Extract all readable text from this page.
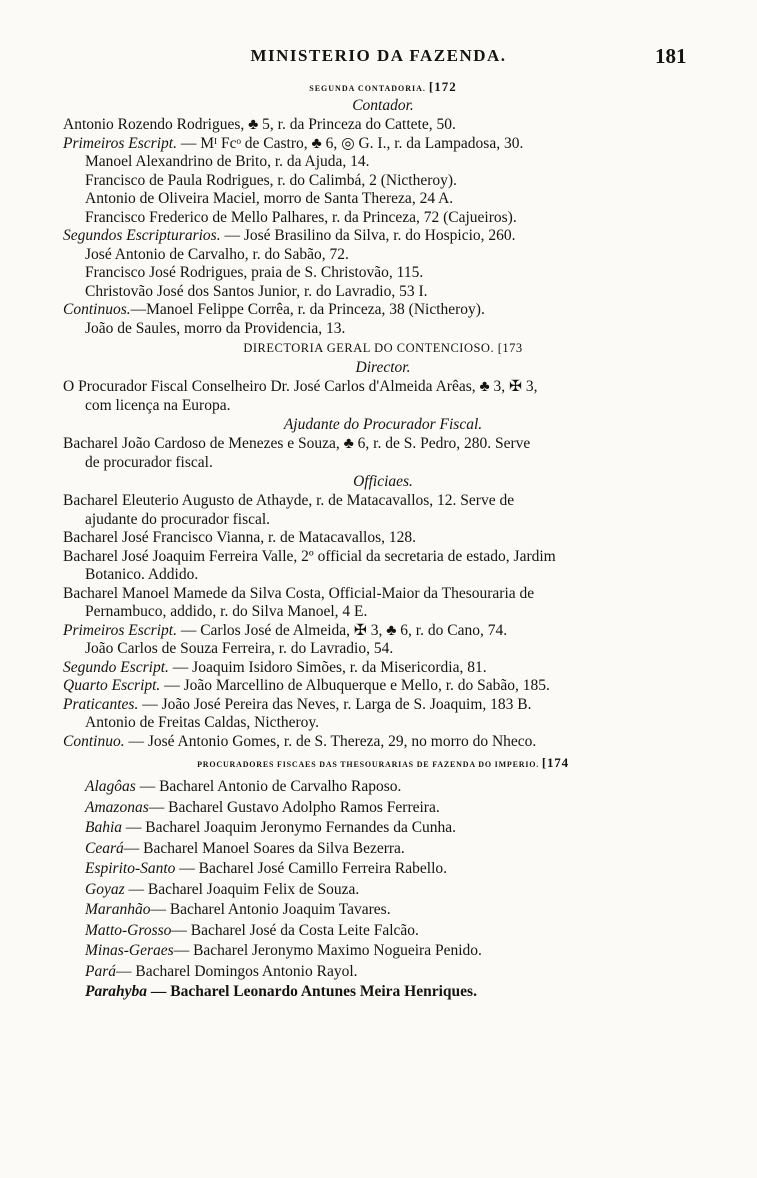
MINISTERIO DA FAZENDA.	181
SEGUNDA CONTADORIA. [172
Contador.
Antonio Rozendo Rodrigues, ♣ 5, r. da Princeza do Cattete, 50.
Primeiros Escript. — Mᴵ Fcᵒ de Castro, ♣ 6, ◎ G. I., r. da Lampadosa, 30.
Manoel Alexandrino de Brito, r. da Ajuda, 14.
Francisco de Paula Rodrigues, r. do Calimbá, 2 (Nictheroy).
Antonio de Oliveira Maciel, morro de Santa Thereza, 24 A.
Francisco Frederico de Mello Palhares, r. da Princeza, 72 (Cajueiros).
Segundos Escripturarios. — José Brasilino da Silva, r. do Hospicio, 260.
José Antonio de Carvalho, r. do Sabão, 72.
Francisco José Rodrigues, praia de S. Christovão, 115.
Christovão José dos Santos Junior, r. do Lavradio, 53 I.
Continuos.—Manoel Felippe Corrêa, r. da Princeza, 38 (Nictheroy).
João de Saules, morro da Providencia, 13.
DIRECTORIA GERAL DO CONTENCIOSO. [173
Director.
O Procurador Fiscal Conselheiro Dr. José Carlos d'Almeida Arêas, ♣ 3, ✠ 3,
com licença na Europa.
Ajudante do Procurador Fiscal.
Bacharel João Cardoso de Menezes e Souza, ♣ 6, r. de S. Pedro, 280. Serve
de procurador fiscal.
Officiaes.
Bacharel Eleuterio Augusto de Athayde, r. de Matacavallos, 12. Serve de
ajudante do procurador fiscal.
Bacharel José Francisco Vianna, r. de Matacavallos, 128.
Bacharel José Joaquim Ferreira Valle, 2º official da secretaria de estado, Jardim
Botanico. Addido.
Bacharel Manoel Mamede da Silva Costa, Official-Maior da Thesouraria de
Pernambuco, addido, r. do Silva Manoel, 4 E.
Primeiros Escript. — Carlos José de Almeida, ✠ 3, ♣ 6, r. do Cano, 74.
João Carlos de Souza Ferreira, r. do Lavradio, 54.
Segundo Escript. — Joaquim Isidoro Simões, r. da Misericordia, 81.
Quarto Escript. — João Marcellino de Albuquerque e Mello, r. do Sabão, 185.
Praticantes. — João José Pereira das Neves, r. Larga de S. Joaquim, 183 B.
Antonio de Freitas Caldas, Nictheroy.
Continuo. — José Antonio Gomes, r. de S. Thereza, 29, no morro do Nheco.
PROCURADORES FISCAES DAS THESOURARIAS DE FAZENDA DO IMPERIO. [174
Alagôas — Bacharel Antonio de Carvalho Raposo.
Amazonas— Bacharel Gustavo Adolpho Ramos Ferreira.
Bahia — Bacharel Joaquim Jeronymo Fernandes da Cunha.
Ceará— Bacharel Manoel Soares da Silva Bezerra.
Espirito-Santo — Bacharel José Camillo Ferreira Rabello.
Goyaz — Bacharel Joaquim Felix de Souza.
Maranhão— Bacharel Antonio Joaquim Tavares.
Matto-Grosso— Bacharel José da Costa Leite Falcão.
Minas-Geraes— Bacharel Jeronymo Maximo Nogueira Penido.
Pará— Bacharel Domingos Antonio Rayol.
Parahyba — Bacharel Leonardo Antunes Meira Henriques.
